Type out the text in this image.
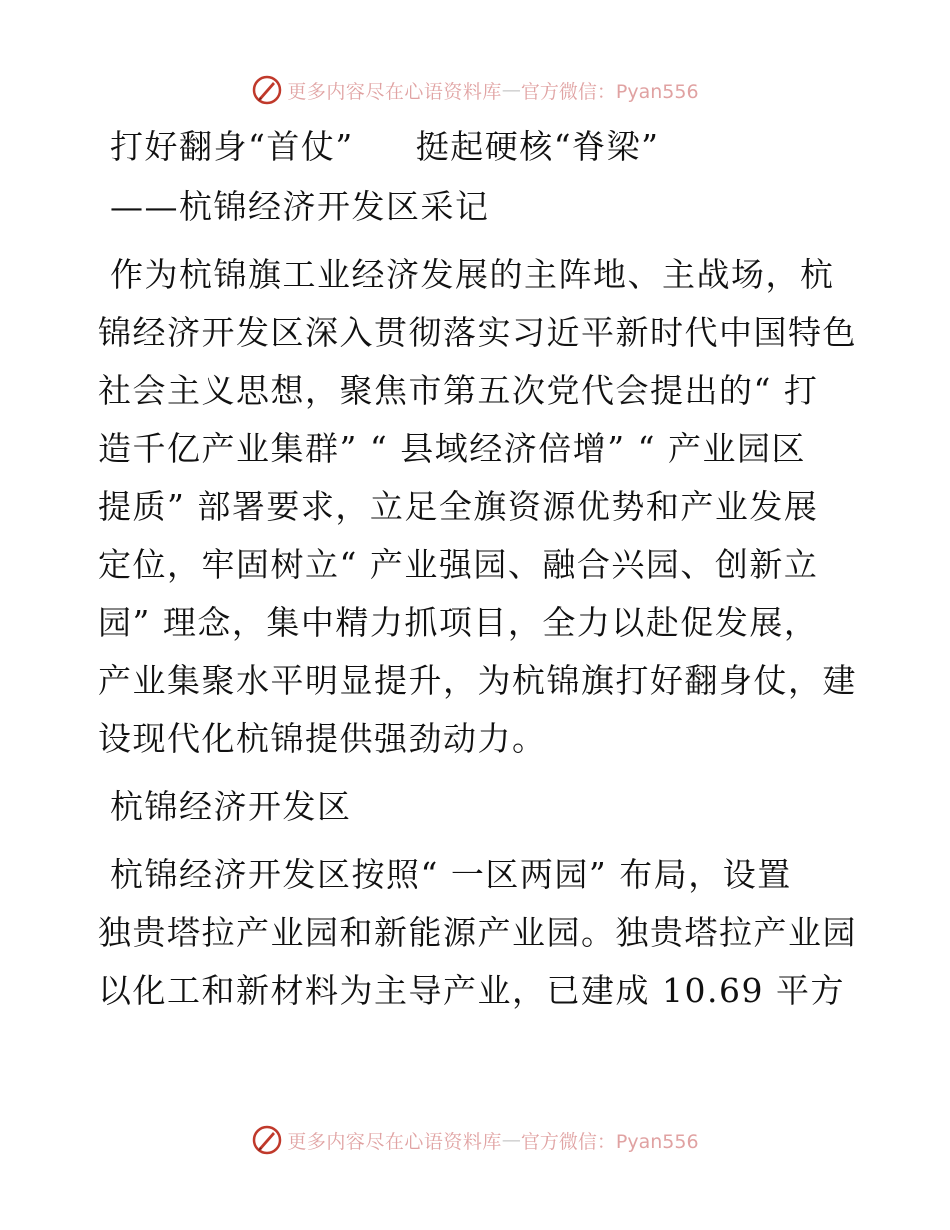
更多内容尽在心语资料库 — 官方微信：Pyan556
打好翻身“首仗” 挺起硬核“脊梁”
——杭锦经济开发区采记
作为杭锦旗工业经济发展的主阵地、主战场，杭
锦经济开发区深入贯彻落实习近平新时代中国特色
社会主义思想，聚焦市第五次党代会提出的“ 打
造千亿产业集群” “ 县域经济倍增” “ 产业园区
提质” 部署要求，立足全旗资源优势和产业发展
定位，牢固树立“ 产业强园、融合兴园、创新立
园” 理念，集中精力抓项目，全力以赴促发展，
产业集聚水平明显提升，为杭锦旗打好翻身仗，建
设现代化杭锦提供强劲动力。
杭锦经济开发区
杭锦经济开发区按照“ 一区两园” 布局，设置
独贵塔拉产业园和新能源产业园。独贵塔拉产业园
以化工和新材料为主导产业，已建成 10.69 平方
更多内容尽在心语资料库 — 官方微信：Pyan556
